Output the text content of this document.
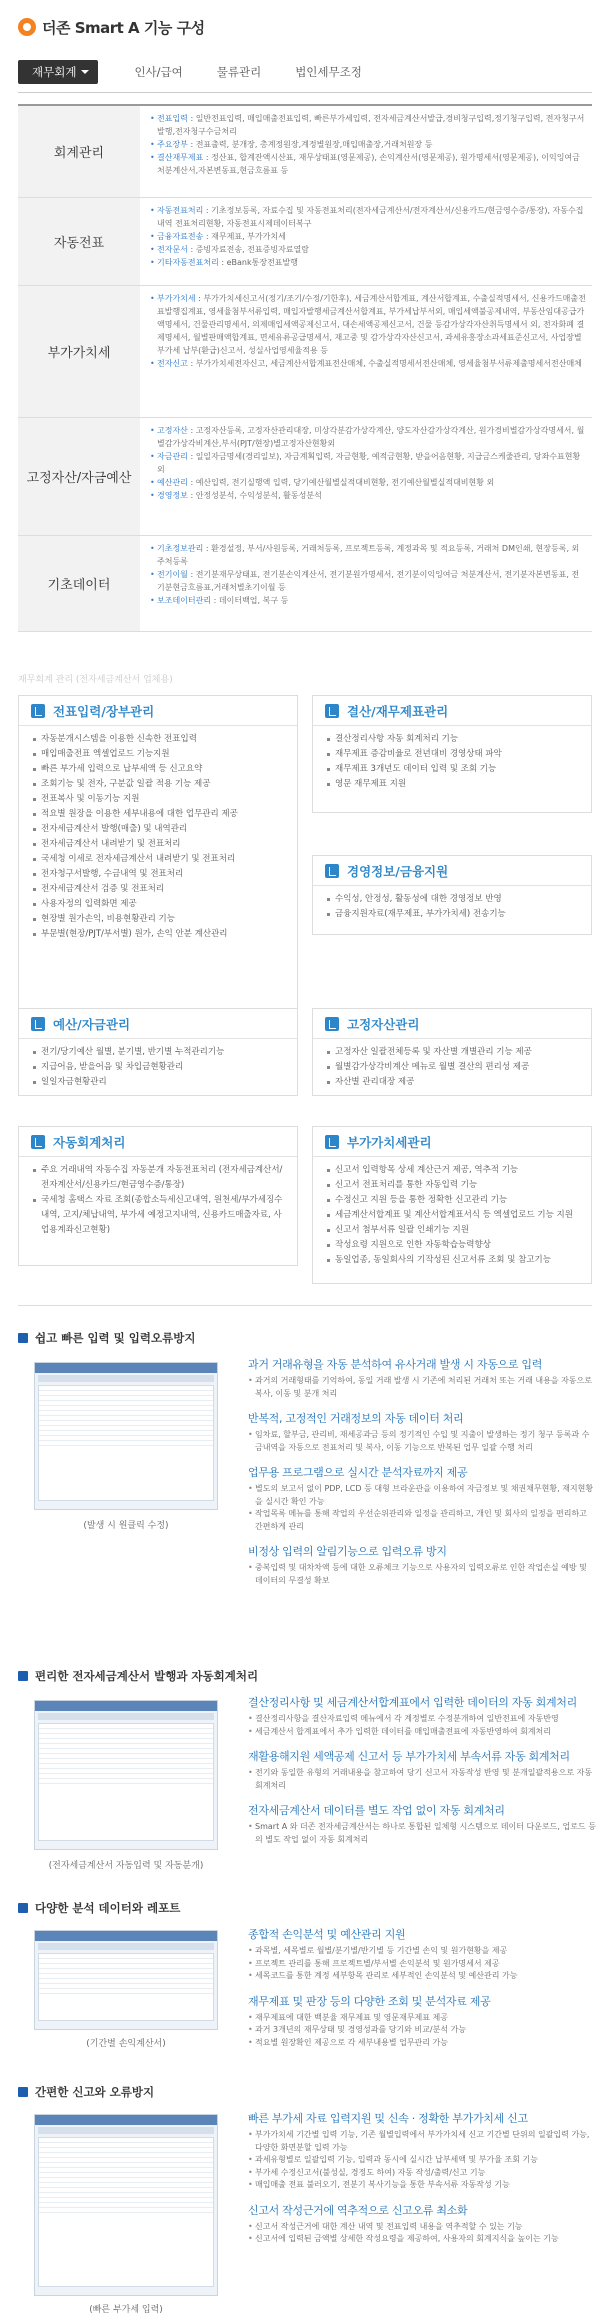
더존 Smart A 기능 구성
재무회계	인사/급여	물류관리	법인세무조정
회계관리

• 전표입력 : 일반전표입력, 매입매출전표입력, 빠른부가세입력, 전자세금계산서발급,경비청구입력,정기청구입력, 전자청구서발행,전자청구수금처리

• 주요장부 : 전표출력, 분개장, 총계정원장,계정별원장,매입매출장,거래처원장 등

• 결산재무제표 : 정산표, 합계잔액시산표, 재무상태표(영문제공), 손익계산서(영문제공), 원가명세서(영문제공), 이익잉여금처분계산서,자본변동표,현금흐름표 등

자동전표

• 자동전표처리 : 기초정보등록, 자료수집 및 자동전표처리(전자세금계산서/전자계산서/신용카드/현금영수증/통장), 자동수집내역 전표처리현황, 자동전표시제데이터복구

• 금융자료전송 : 재무제표, 부가가치세

• 전자문서 : 증빙자료전송, 전표증빙자료열람

• 기타자동전표처리 : eBank통장전표발행

부가가치세

• 부가가치세 : 부가가치세신고서(정기/조기/수정/기한후), 세금계산서합계표, 계산서합계표, 수출실적명세서, 신용카드매출전표발행집계표, 영세율첨부서류입력, 매입자발행세금계산서합계표, 부가세납부서외, 매입세액불공제내역, 부동산임대공급가액명세서, 건물관리명세서, 의제매입세액공제신고서, 대손세액공제신고서, 건물 등감가상각자산취득명세서 외, 전자화폐 결제명세서, 월별판매액합계표, 면세유류공급명세서, 재고중 및 감가상각자산신고서, 과세유흥장소과세표준신고서, 사업장별 부가세 납부(환급)신고서, 성실사업영세율적용 등

• 전자신고 : 부가가치세전자신고, 세금계산서합계표전산매체, 수출실적명세서전산매체, 영세율첨부서류제출명세서전산매체

고정자산/자금예산

• 고정자산 : 고정자산등록, 고정자산관리대장, 미상각분감가상각계산, 양도자산감가상각계산, 원가경비별감가상각명세서, 월별감가상각비계산,부서(PJT/현장)별고정자산현황외

• 자금관리 : 일일자금명세(경리일보), 자금계획입력, 자금현황, 예적금현황, 받을어음현황, 지급금스케줄관리, 당좌수표현황 외

• 예산관리 : 예산입력, 전기실행액 입력, 당기예산월별실적대비현황, 전기예산월별실적대비현황 외

• 경영정보 : 안정성분석, 수익성분석, 활동성분석

기초데이터

• 기초정보관리 : 환경설정, 부서/사원등록, 거래처등록, 프로젝트등록, 계정과목 및 적요등록, 거래처 DM인쇄, 현장등록, 외주처등록

• 전기이월 : 전기분재무상태표, 전기분손익계산서, 전기분원가명세서, 전기분이익잉여금 처분계산서, 전기분자본변동표, 전기분현금흐름표,거래처별초기이월 등

• 보조데이터관리 : 데이터백업, 복구 등

재무회계 관리 (전자세금계산서 업체용)
전표입력/장부관리
자동분개시스템을 이용한 신속한 전표입력
매입매출전표 엑셀업로드 기능지원
빠른 부가세 입력으로 납부세액 등 신고요약
조회기능 및 전자, 구분값 일괄 적용 기능 제공
전표복사 및 이동기능 지원
적요별 원장을 이용한 세부내용에 대한 업무관리 제공
전자세금계산서 발행(매출) 및 내역관리
전자세금계산서 내려받기 및 전표처리
국세청 이세로 전자세금계산서 내려받기 및 전표처리
전자청구서발행, 수금내역 및 전표처리
전자세금계산서 검증 및 전표처리
사용자정의 입력화면 제공
현장별 원가손익, 비용현황관리 기능
부문별(현장/PJT/부서별) 원가, 손익 안분 계산관리
결산/재무제표관리
결산정리사항 자동 회계처리 기능
재무제표 증감비율로 전년대비 경영상태 파악
재무제표 3개년도 데이터 입력 및 조회 기능
영문 재무제표 지원
경영정보/금융지원
수익성, 안정성, 활동성에 대한 경영정보 반영
금융지원자료(재무제표, 부가가치세) 전송기능
예산/자금관리
전기/당기예산 월별, 분기별, 반기별 누적관리기능
지급어음, 받을어음 및 차입금현황관리
일일자금현황관리
고정자산관리
고정자산 일괄전체등록 및 자산별 개별관리 기능 제공
월별감가상각비계산 메뉴로 월별 결산의 편리성 제공
자산별 관리대장 제공
자동회계처리
주요 거래내역 자동수집 자동분개 자동전표처리 (전자세금계산서/전자계산서/신용카드/현금영수증/통장)
국세청 홈택스 자료 조회(종합소득세신고내역, 원천세/부가세징수내역, 고지/체납내역, 부가세 예정고지내역, 신용카드매출자료, 사업용계좌신고현황)
부가가치세관리
신고서 입력항목 상세 계산근거 제공, 역추적 기능
신고서 전표처리를 통한 자동입력 기능
수정신고 지원 등을 통한 정확한 신고관리 기능
세금계산서합계표 및 계산서합계표서식 등 엑셀업로드 기능 지원
신고서 첨부서류 일괄 인쇄기능 지원
작성요령 지원으로 인한 자동학습능력향상
동일업종, 동일회사의 기작성된 신고서류 조회 및 참고기능
쉽고 빠른 입력 및 입력오류방지
(발생 시 원클릭 수정)
과거 거래유형을 자동 분석하여 유사거래 발생 시 자동으로 입력

• 과거의 거래형태를 기억하여, 동일 거래 발생 시 기존에 처리된 거래처 또는 거래 내용을 자동으로 복사, 이동 및 분개 처리

반복적, 고정적인 거래정보의 자동 데이터 처리

• 임차료, 할부금, 관리비, 재세공과금 등의 정기적인 수입 및 지출이 발생하는 정기 청구 등록과 수금내역을 자동으로 전표처리 및 복사, 이동 기능으로 반복된 업무 일괄 수행 처리

업무용 프로그램으로 실시간 분석자료까지 제공

• 별도의 보고서 없이 PDP, LCD 등 대형 브라운관을 이용하여 자금정보 및 채권채무현황, 재지현황을 실시간 확인 가능

• 작업목록 메뉴를 통해 작업의 우선순위관리와 일정을 관리하고, 개인 및 회사의 일정을 편리하고 간편하게 관리

비정상 입력의 알림기능으로 입력오류 방지

• 중복입력 및 대차차액 등에 대한 오류체크 기능으로 사용자의 입력오류로 인한 작업손실 예방 및 데이터의 무결성 확보

편리한 전자세금계산서 발행과 자동회계처리
(전자세금계산서 자동입력 및 자동분개)
결산정리사항 및 세금계산서합계표에서 입력한 데이터의 자동 회계처리

• 결산정리사항을 결산자료입력 메뉴에서 각 계정별로 수정분개하여 일반전표에 자동반영

• 세금계산서 합계표에서 추가 입력한 데이터를 매입매출전표에 자동반영하여 회계처리

재활용해지원 세액공제 신고서 등 부가가치세 부속서류 자동 회계처리

• 전기와 동일한 유형의 거래내용을 참고하여 당기 신고서 자동작성 반영 및 분개일괄적용으로 자동 회계처리

전자세금계산서 데이터를 별도 작업 없이 자동 회계처리

• Smart A 와 더존 전자세금계산서는 하나로 통합된 일체형 시스템으로 데이터 다운로드, 업로드 등의 별도 작업 없이 자동 회계처리

다양한 분석 데이터와 레포트
(기간별 손익계산서)
종합적 손익분석 및 예산관리 지원

• 과목별, 세목별로 월별/분기별/반기별 등 기간별 손익 및 원가현황을 제공

• 프로젝트 관리를 통해 프로젝트별/부서별 손익분석 및 원가명세서 제공

• 세목코드를 통한 계정 세부항목 관리로 세부적인 손익분석 및 예산관리 가능

재무제표 및 판장 등의 다양한 조회 및 분석자료 제공

• 재무제표에 대한 백분율 재무제표 및 영문재무제표 제공

• 과거 3개년의 재무상태 및 경영성과를 당기와 비교/분석 가능

• 적요별 원장확인 제공으로 각 세부내용별 업무관리 가능

간편한 신고와 오류방지
(빠른 부가세 입력)
빠른 부가세 자료 입력지원 및 신속 · 정확한 부가가치세 신고

• 부가가치세 기간별 입력 기능, 기존 월별입력에서 부가가치세 신고 기간별 단위의 일괄입력 가능, 다양한 화면분할 입력 가능

• 과세유형별로 일괄입력 기능, 입력과 동시에 실시간 납부세액 및 부가율 조회 기능

• 부가세 수정신고서(불성실, 경정도 하여) 자동 작성/출력/신고 기능

• 매입매출 전표 불러오기, 전분기 복사기능을 통한 부속서류 자동작성 기능

신고서 작성근거에 역추적으로 신고오류 최소화

• 신고서 작성근거에 대한 계산 내역 및 전표입력 내용을 역추적할 수 있는 기능

• 신고서에 입력된 금액별 상세한 작성요령을 제공하여, 사용자의 회계지식을 높이는 기능
